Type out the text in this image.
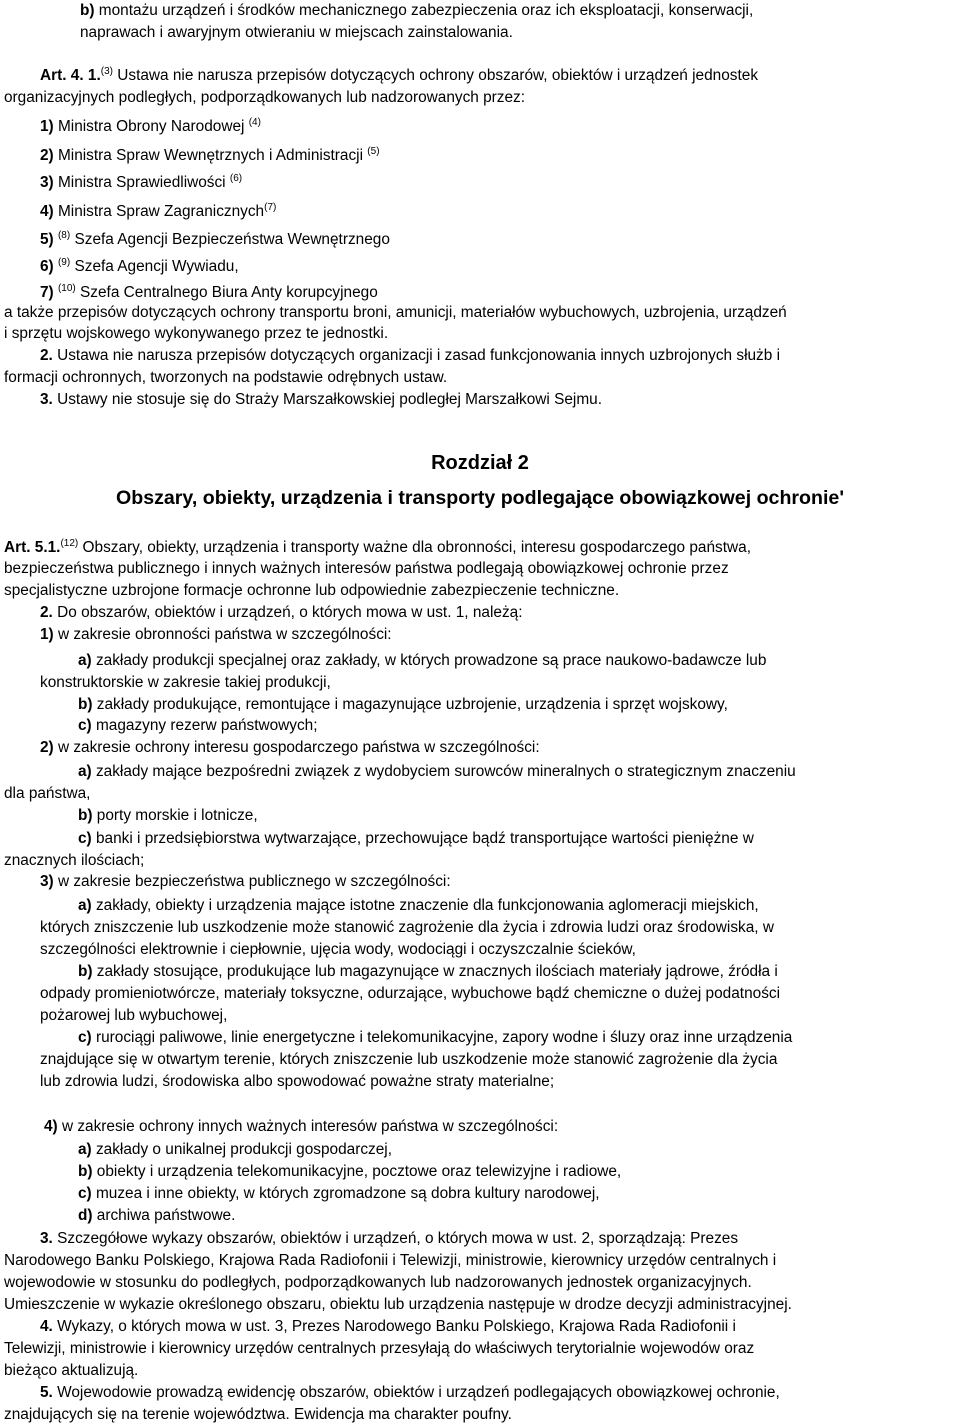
b) montażu urządzeń i środków mechanicznego zabezpieczenia oraz ich eksploatacji, konserwacji,
naprawach i awaryjnym otwieraniu w miejscach zainstalowania.
Art. 4. 1.$^{(3)}$ Ustawa nie narusza przepisów dotyczących ochrony obszarów, obiektów i urządzeń jednostek
organizacyjnych podległych, podporządkowanych lub nadzorowanych przez:
1) Ministra Obrony Narodowej $^{(4)}$
2) Ministra Spraw Wewnętrznych i Administracji $^{(5)}$
3) Ministra Sprawiedliwości $^{(6)}$
4) Ministra Spraw Zagranicznych$^{(7)}$
5) $^{(8)}$ Szefa Agencji Bezpieczeństwa Wewnętrznego
6) $^{(9)}$ Szefa Agencji Wywiadu,
7) $^{(10)}$ Szefa Centralnego Biura Anty korupcyjnego
a także przepisów dotyczących ochrony transportu broni, amunicji, materiałów wybuchowych, uzbrojenia, urządzeń
i sprzętu wojskowego wykonywanego przez te jednostki.
2. Ustawa nie narusza przepisów dotyczących organizacji i zasad funkcjonowania innych uzbrojonych służb i
formacji ochronnych, tworzonych na podstawie odrębnych ustaw.
3. Ustawy nie stosuje się do Straży Marszałkowskiej podległej Marszałkowi Sejmu.
Rozdział 2
Obszary, obiekty, urządzenia i transporty podlegające obowiązkowej ochronie'
Art. 5.1.$^{(12)}$ Obszary, obiekty, urządzenia i transporty ważne dla obronności, interesu gospodarczego państwa,
bezpieczeństwa publicznego i innych ważnych interesów państwa podlegają obowiązkowej ochronie przez
specjalistyczne uzbrojone formacje ochronne lub odpowiednie zabezpieczenie techniczne.
2. Do obszarów, obiektów i urządzeń, o których mowa w ust. 1, należą:
1) w zakresie obronności państwa w szczególności:
a) zakłady produkcji specjalnej oraz zakłady, w których prowadzone są prace naukowo-badawcze lub
konstruktorskie w zakresie takiej produkcji,
b) zakłady produkujące, remontujące i magazynujące uzbrojenie, urządzenia i sprzęt wojskowy,
c) magazyny rezerw państwowych;
2) w zakresie ochrony interesu gospodarczego państwa w szczególności:
a) zakłady mające bezpośredni związek z wydobyciem surowców mineralnych o strategicznym znaczeniu
dla państwa,
b) porty morskie i lotnicze,
c) banki i przedsiębiorstwa wytwarzające, przechowujące bądź transportujące wartości pieniężne w
znacznych ilościach;
3) w zakresie bezpieczeństwa publicznego w szczególności:
a) zakłady, obiekty i urządzenia mające istotne znaczenie dla funkcjonowania aglomeracji miejskich,
których zniszczenie lub uszkodzenie może stanowić zagrożenie dla życia i zdrowia ludzi oraz środowiska, w
szczególności elektrownie i ciepłownie, ujęcia wody, wodociągi i oczyszczalnie ścieków,
b) zakłady stosujące, produkujące lub magazynujące w znacznych ilościach materiały jądrowe, źródła i
odpady promieniotwórcze, materiały toksyczne, odurzające, wybuchowe bądź chemiczne o dużej podatności
pożarowej lub wybuchowej,
c) rurociągi paliwowe, linie energetyczne i telekomunikacyjne, zapory wodne i śluzy oraz inne urządzenia
znajdujące się w otwartym terenie, których zniszczenie lub uszkodzenie może stanowić zagrożenie dla życia
lub zdrowia ludzi, środowiska albo spowodować poważne straty materialne;
4) w zakresie ochrony innych ważnych interesów państwa w szczególności:
a) zakłady o unikalnej produkcji gospodarczej,
b) obiekty i urządzenia telekomunikacyjne, pocztowe oraz telewizyjne i radiowe,
c) muzea i inne obiekty, w których zgromadzone są dobra kultury narodowej,
d) archiwa państwowe.
3. Szczegółowe wykazy obszarów, obiektów i urządzeń, o których mowa w ust. 2, sporządzają: Prezes
Narodowego Banku Polskiego, Krajowa Rada Radiofonii i Telewizji, ministrowie, kierownicy urzędów centralnych i
wojewodowie w stosunku do podległych, podporządkowanych lub nadzorowanych jednostek organizacyjnych.
Umieszczenie w wykazie określonego obszaru, obiektu lub urządzenia następuje w drodze decyzji administracyjnej.
4. Wykazy, o których mowa w ust. 3, Prezes Narodowego Banku Polskiego, Krajowa Rada Radiofonii i
Telewizji, ministrowie i kierownicy urzędów centralnych przesyłają do właściwych terytorialnie wojewodów oraz
bieżąco aktualizują.
5. Wojewodowie prowadzą ewidencję obszarów, obiektów i urządzeń podlegających obowiązkowej ochronie,
znajdujących się na terenie województwa. Ewidencja ma charakter poufny.
